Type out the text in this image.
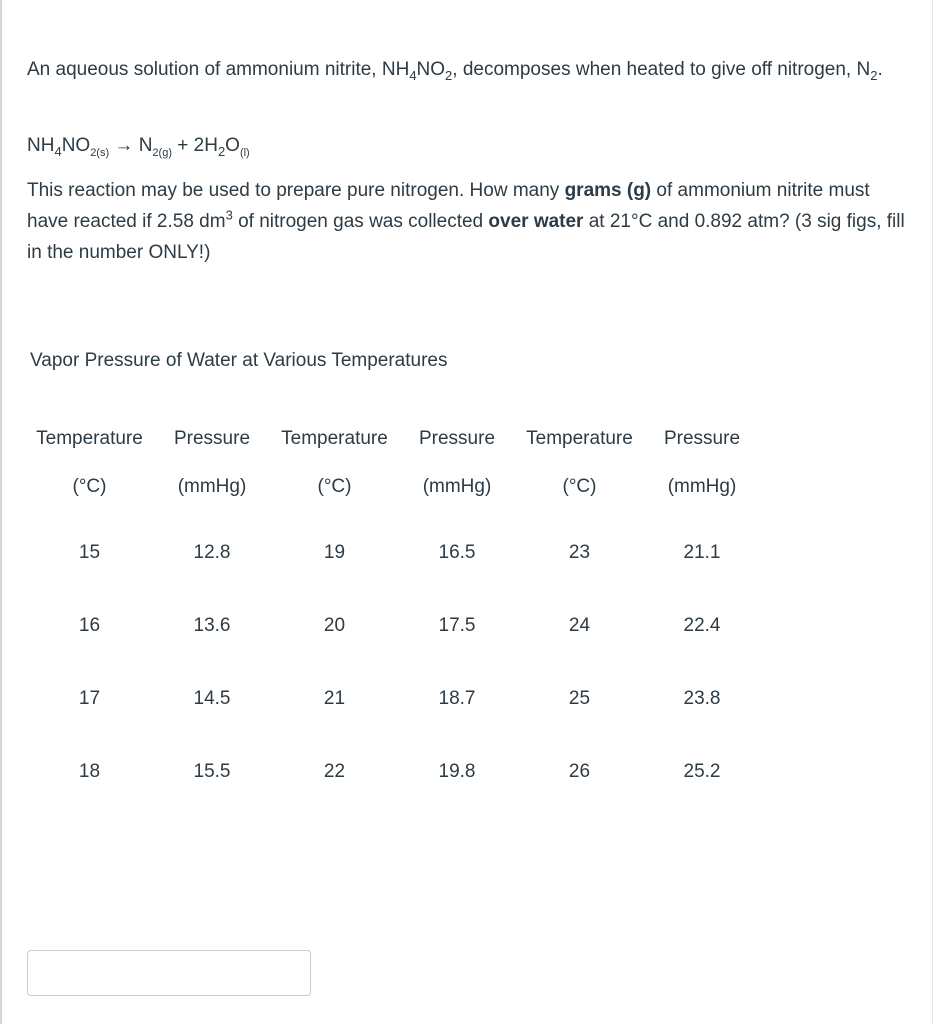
An aqueous solution of ammonium nitrite, $NH_4NO_2$, decomposes when heated to give off nitrogen, $N_2$.
$NH_4NO_{2(s)} \to N_{2(g)} + 2H_2O_{(l)}$
This reaction may be used to prepare pure nitrogen. How many grams (g) of ammonium nitrite must have reacted if 2.58 $dm^3$ of nitrogen gas was collected over water at 21°C and 0.892 atm? (3 sig figs, fill in the number ONLY!)
Vapor Pressure of Water at Various Temperatures
Temperature	Pressure	Temperature	Pressure	Temperature	Pressure
(°C)	(mmHg)	(°C)	(mmHg)	(°C)	(mmHg)
15	12.8	19	16.5	23	21.1
16	13.6	20	17.5	24	22.4
17	14.5	21	18.7	25	23.8
18	15.5	22	19.8	26	25.2
